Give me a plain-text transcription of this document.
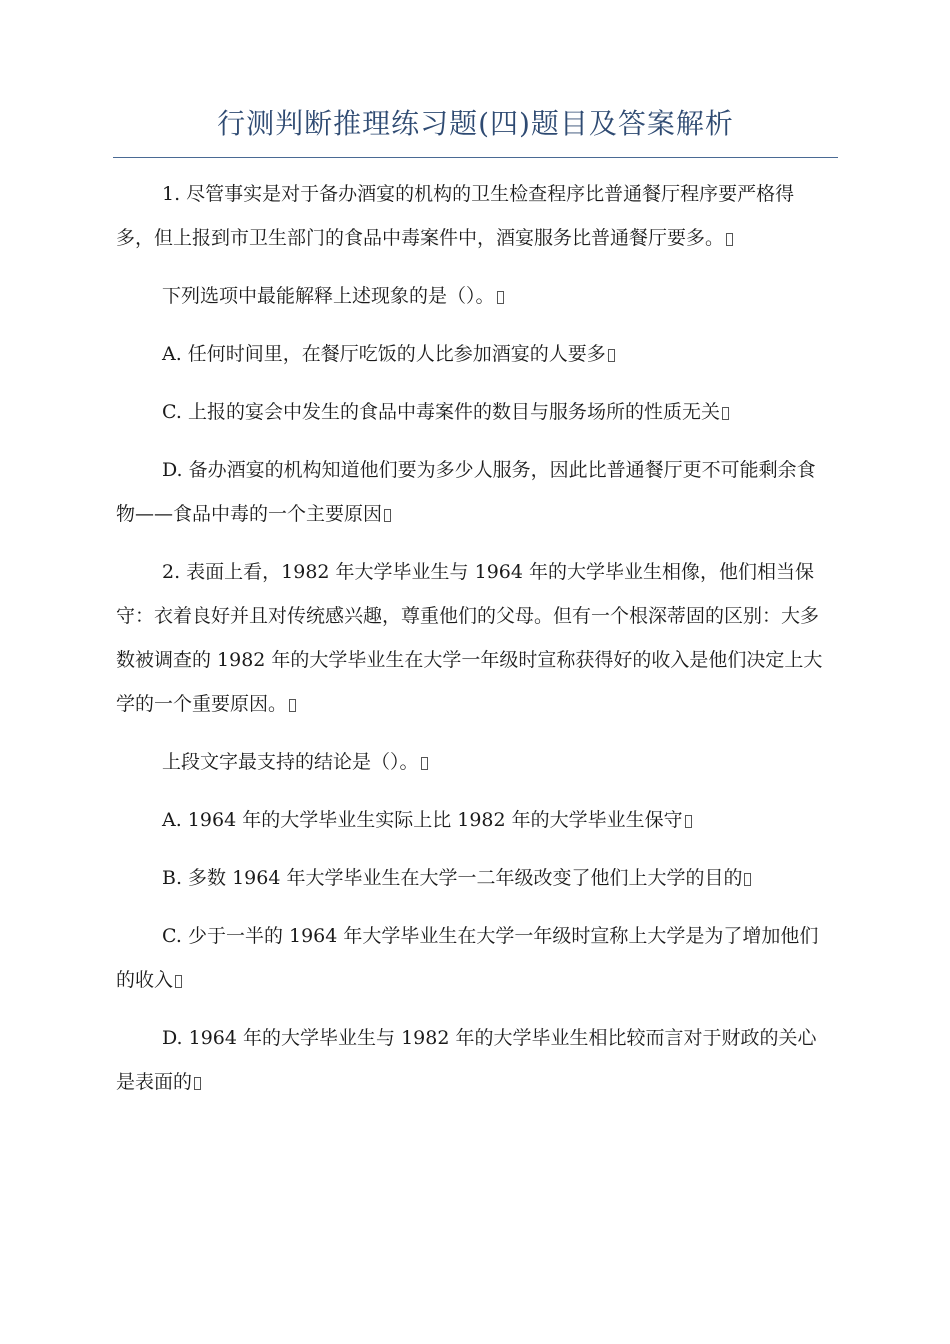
行测判断推理练习题(四)题目及答案解析

1. 尽管事实是对于备办酒宴的机构的卫生检查程序比普通餐厅程序要严格得多，但上报到市卫生部门的食品中毒案件中，酒宴服务比普通餐厅要多。

下列选项中最能解释上述现象的是（）。

A. 任何时间里，在餐厅吃饭的人比参加酒宴的人要多

C. 上报的宴会中发生的食品中毒案件的数目与服务场所的性质无关

D. 备办酒宴的机构知道他们要为多少人服务，因此比普通餐厅更不可能剩余食物——食品中毒的一个主要原因

2. 表面上看，1982 年大学毕业生与 1964 年的大学毕业生相像，他们相当保守：衣着良好并且对传统感兴趣，尊重他们的父母。但有一个根深蒂固的区别：大多数被调查的 1982 年的大学毕业生在大学一年级时宣称获得好的收入是他们决定上大学的一个重要原因。

上段文字最支持的结论是（）。

A. 1964 年的大学毕业生实际上比 1982 年的大学毕业生保守

B. 多数 1964 年大学毕业生在大学一二年级改变了他们上大学的目的

C. 少于一半的 1964 年大学毕业生在大学一年级时宣称上大学是为了增加他们的收入

D. 1964 年的大学毕业生与 1982 年的大学毕业生相比较而言对于财政的关心是表面的
